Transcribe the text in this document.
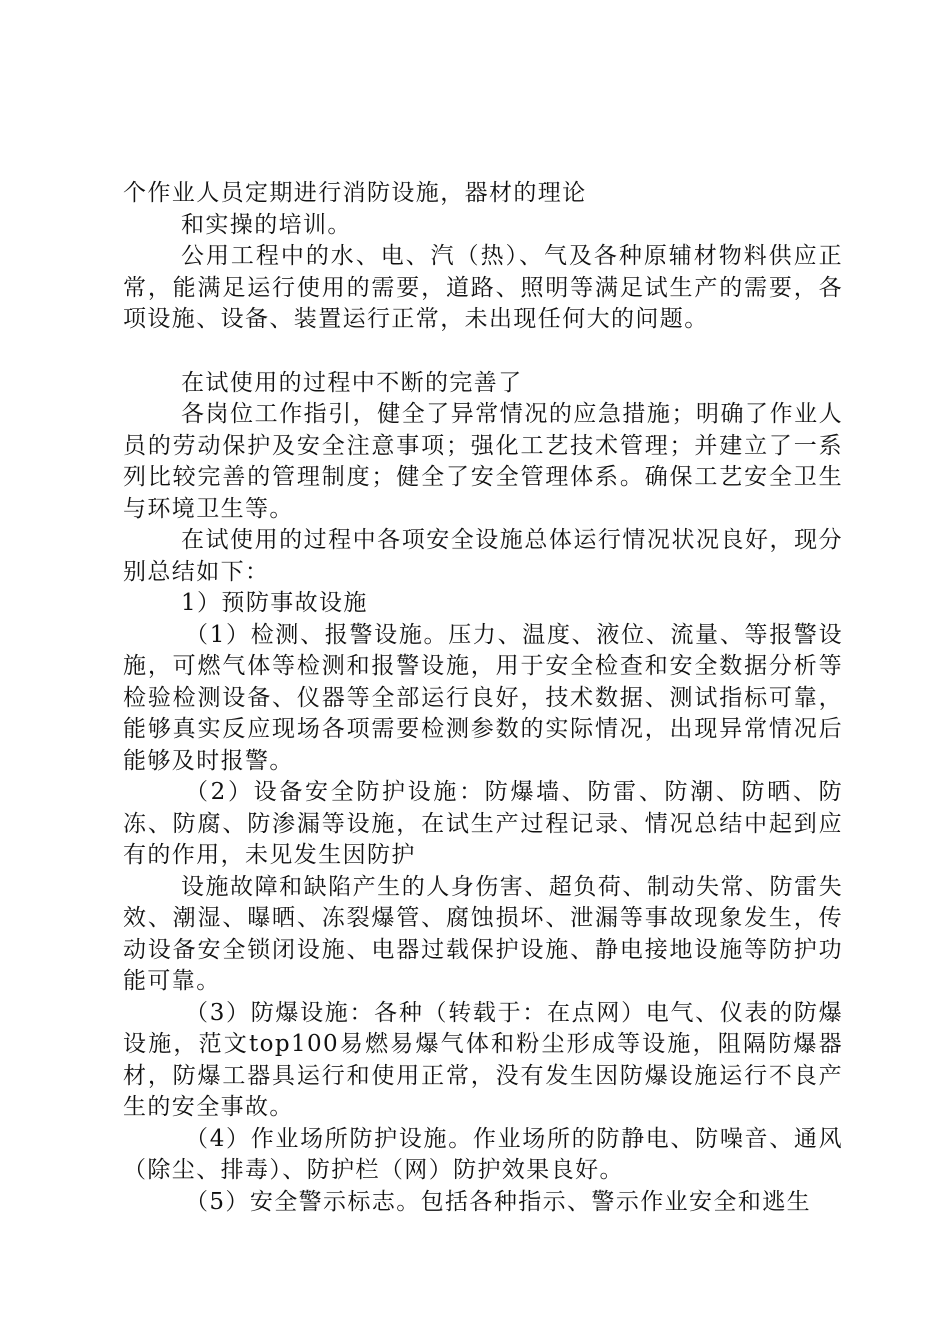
个作业人员定期进行消防设施，器材的理论

和实操的培训。

公用工程中的水、电、汽（热）、气及各种原辅材物料供应正常，能满足运行使用的需要，道路、照明等满足试生产的需要，各项设施、设备、装置运行正常，未出现任何大的问题。

在试使用的过程中不断的完善了

各岗位工作指引，健全了异常情况的应急措施；明确了作业人员的劳动保护及安全注意事项；强化工艺技术管理；并建立了一系列比较完善的管理制度；健全了安全管理体系。确保工艺安全卫生与环境卫生等。

在试使用的过程中各项安全设施总体运行情况状况良好，现分别总结如下：

1）预防事故设施

（1）检测、报警设施。压力、温度、液位、流量、等报警设施，可燃气体等检测和报警设施，用于安全检查和安全数据分析等检验检测设备、仪器等全部运行良好，技术数据、测试指标可靠，能够真实反应现场各项需要检测参数的实际情况，出现异常情况后能够及时报警。

（2）设备安全防护设施：防爆墙、防雷、防潮、防晒、防冻、防腐、防渗漏等设施，在试生产过程记录、情况总结中起到应有的作用，未见发生因防护

设施故障和缺陷产生的人身伤害、超负荷、制动失常、防雷失效、潮湿、曝晒、冻裂爆管、腐蚀损坏、泄漏等事故现象发生，传动设备安全锁闭设施、电器过载保护设施、静电接地设施等防护功能可靠。

（3）防爆设施：各种（转载于：在点网）电气、仪表的防爆设施，范文top100易燃易爆气体和粉尘形成等设施，阻隔防爆器材，防爆工器具运行和使用正常，没有发生因防爆设施运行不良产生的安全事故。

（4）作业场所防护设施。作业场所的防静电、防噪音、通风（除尘、排毒）、防护栏（网）防护效果良好。

（5）安全警示标志。包括各种指示、警示作业安全和逃生
